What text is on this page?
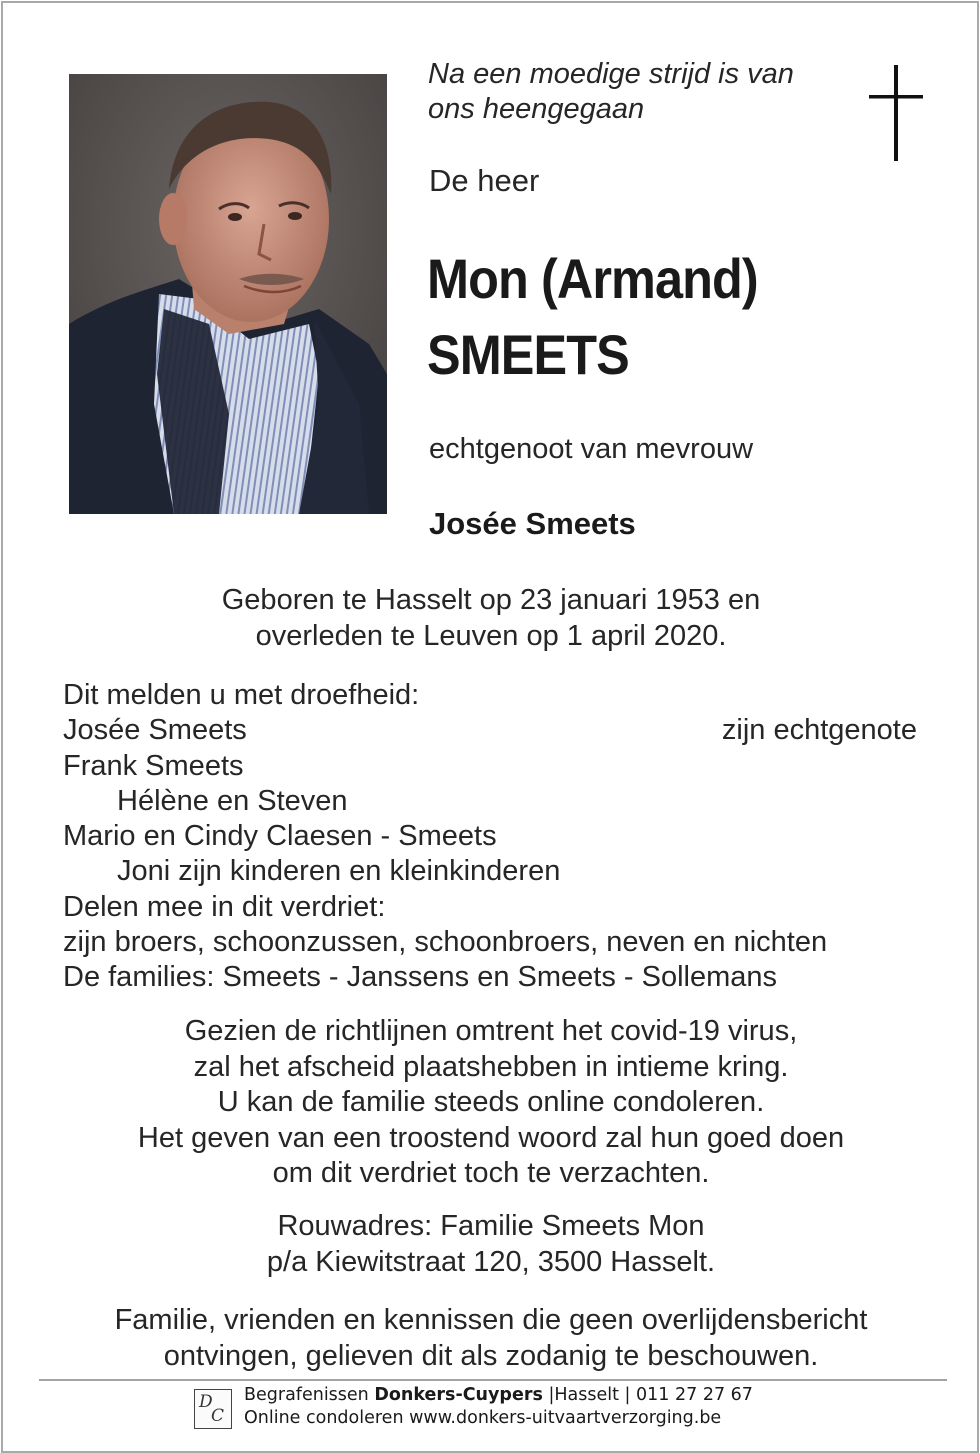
Na een moedige strijd is van
ons heengegaan
De heer
Mon (Armand)
SMEETS
echtgenoot van mevrouw
Josée Smeets
Geboren te Hasselt op 23 januari 1953 en
overleden te Leuven op 1 april 2020.
Dit melden u met droefheid:
Josée Smeets	zijn echtgenote
Frank Smeets
Hélène en Steven
Mario en Cindy Claesen - Smeets
Joni zijn kinderen en kleinkinderen
Delen mee in dit verdriet:
zijn broers, schoonzussen, schoonbroers, neven en nichten
De families: Smeets - Janssens en Smeets - Sollemans
Gezien de richtlijnen omtrent het covid-19 virus,
zal het afscheid plaatshebben in intieme kring.
U kan de familie steeds online condoleren.
Het geven van een troostend woord zal hun goed doen
om dit verdriet toch te verzachten.
Rouwadres: Familie Smeets Mon
p/a Kiewitstraat 120, 3500 Hasselt.
Familie, vrienden en kennissen die geen overlijdensbericht
ontvingen, gelieven dit als zodanig te beschouwen.
D
C
Begrafenissen Donkers-Cuypers |Hasselt | 011 27 27 67
Online condoleren www.donkers-uitvaartverzorging.be
